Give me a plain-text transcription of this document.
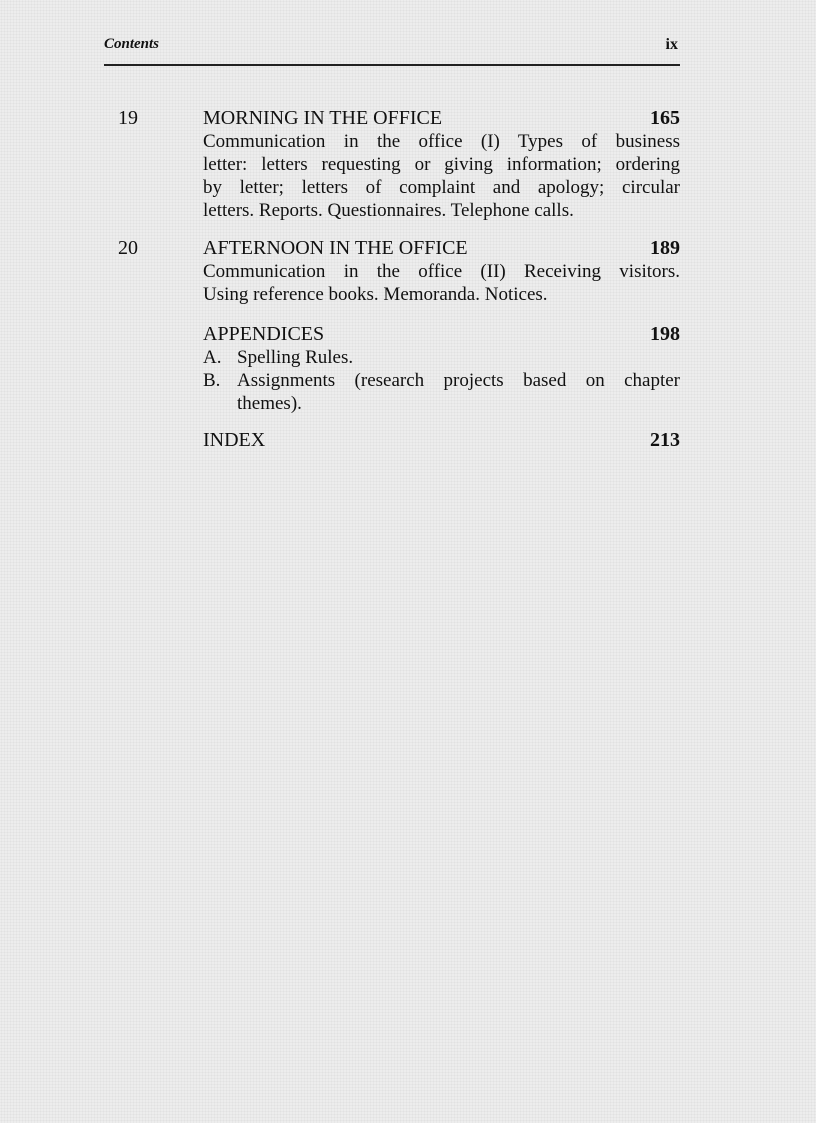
Contents	ix
19	MORNING IN THE OFFICE	165
Communication in the office (I) Types of business
letter: letters requesting or giving information; ordering
by letter; letters of complaint and apology; circular
letters. Reports. Questionnaires. Telephone calls.
20	AFTERNOON IN THE OFFICE	189
Communication in the office (II) Receiving visitors.
Using reference books. Memoranda. Notices.
APPENDICES	198
A. Spelling Rules.
B. Assignments (research projects based on chapter
themes).
INDEX	213
